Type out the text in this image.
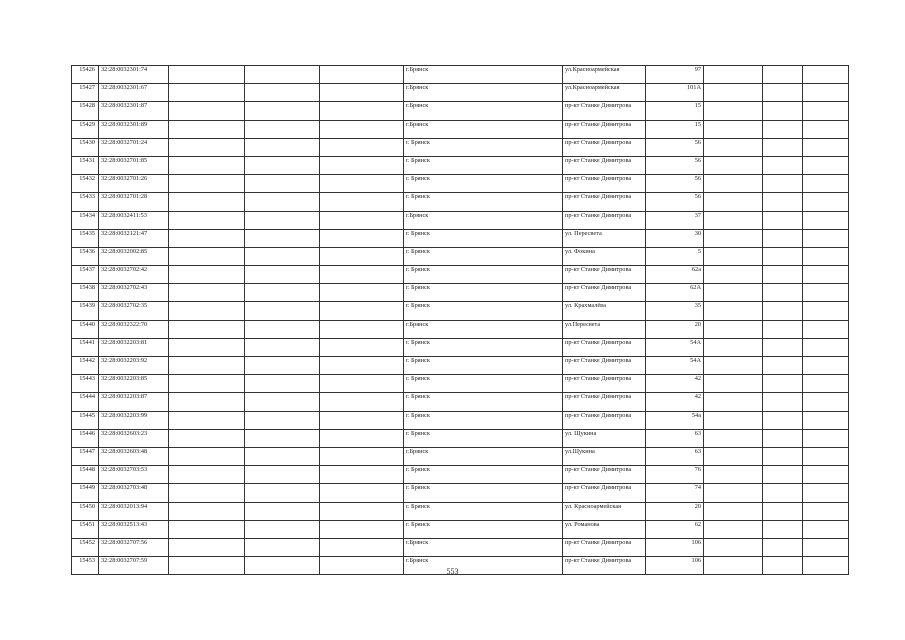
15426	32:28:0032301:74				г.Брянск	ул.Красноармейская	97			
15427	32:28:0032301:67				г.Брянск	ул.Красноармейская	101А			
15428	32:28:0032301:87				г.Брянск	пр-кт Станке Димитрова	15			
15429	32:28:0032301:89				г.Брянск	пр-кт Станке Димитрова	15			
15430	32:28:0032701:24				г. Брянск	пр-кт Станке Димитрова	56			
15431	32:28:0032701:85				г. Брянск	пр-кт Станке Димитрова	56			
15432	32:28:0032701:26				г. Брянск	пр-кт Станке Димитрова	56			
15433	32:28:0032701:28				г. Брянск	пр-кт Станке Димитрова	56			
15434	32:28:0032411:53				г.Брянск	пр-кт Станке Димитрова	37			
15435	32:28:0032121:47				г. Брянск	ул. Пересвета	30			
15436	32:28:0032002:85				г. Брянск	ул. Фокина	5			
15437	32:28:0032702:42				г. Брянск	пр-кт Станке Димитрова	62а			
15438	32:28:0032702:43				г. Брянск	пр-кт Станке Димитрова	62А			
15439	32:28:0032702:35				г. Брянск	ул. Крахмалёва	35			
15440	32:28:0032322:70				г.Брянск	ул.Пересвета	20			
15441	32:28:0032203:81				г. Брянск	пр-кт Станке Димитрова	54А			
15442	32:28:0032203:92				г. Брянск	пр-кт Станке Димитрова	54А			
15443	32:28:0032203:85				г. Брянск	пр-кт Станке Димитрова	42			
15444	32:28:0032203:87				г. Брянск	пр-кт Станке Димитрова	42			
15445	32:28:0032203:99				г. Брянск	пр-кт Станке Димитрова	54а			
15446	32:28:0032603:23				г. Брянск	ул. Щукина	63			
15447	32:28:0032603:48				г.Брянск	ул.Щукина	63			
15448	32:28:0032703:53				г. Брянск	пр-кт Станке Димитрова	76			
15449	32:28:0032703:48				г. Брянск	пр-кт Станке Димитрова	74			
15450	32:28:0032013:94				г. Брянск	ул. Красноармейская	20			
15451	32:28:0032513:43				г. Брянск	ул. Романова	62			
15452	32:28:0032707:56				г.Брянск	пр-кт Станке Димитрова	106			
15453	32:28:0032707:59				г.Брянск	пр-кт Станке Димитрова	106			
553
